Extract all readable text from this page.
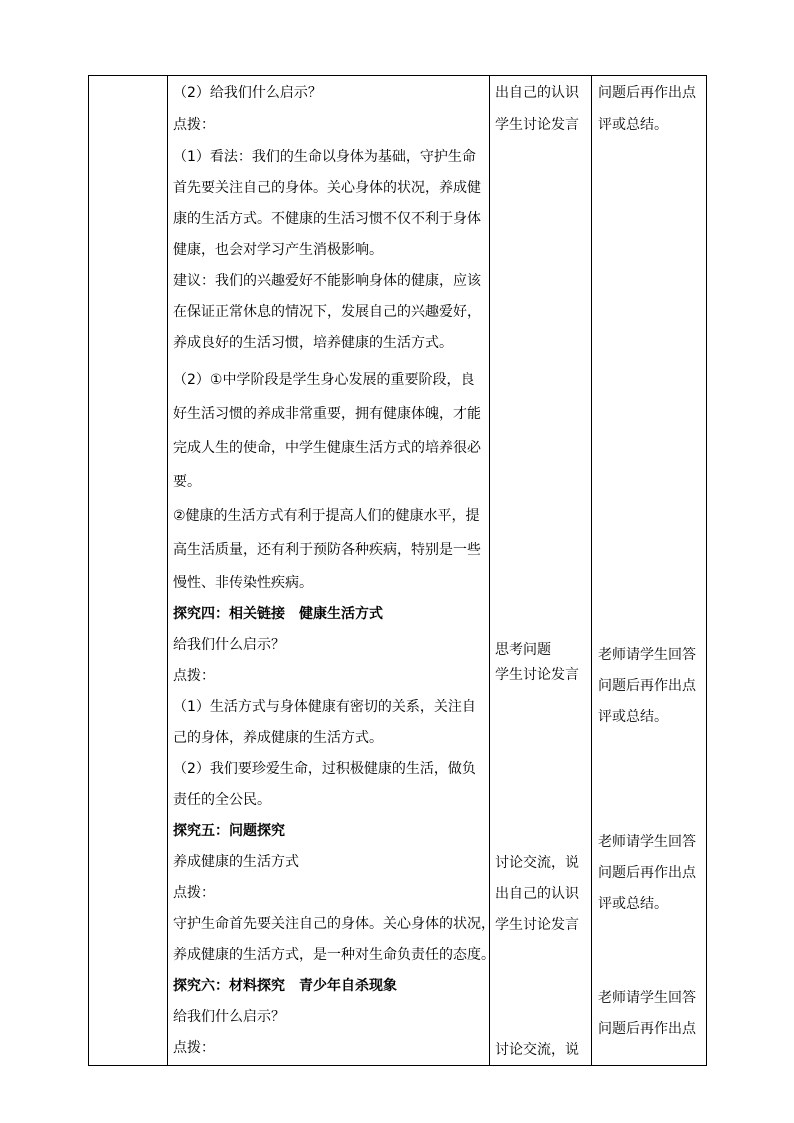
（2）给我们什么启示？
点拨：
（1）看法：我们的生命以身体为基础，守护生命
首先要关注自己的身体。关心身体的状况，养成健
康的生活方式。不健康的生活习惯不仅不利于身体
健康，也会对学习产生消极影响。
建议：我们的兴趣爱好不能影响身体的健康，应该
在保证正常休息的情况下，发展自己的兴趣爱好，
养成良好的生活习惯，培养健康的生活方式。
（2）①中学阶段是学生身心发展的重要阶段，良
好生活习惯的养成非常重要，拥有健康体魄，才能
完成人生的使命，中学生健康生活方式的培养很必
要。
②健康的生活方式有利于提高人们的健康水平，提
高生活质量，还有利于预防各种疾病，特别是一些
慢性、非传染性疾病。
探究四：相关链接　健康生活方式
给我们什么启示？
点拨：
（1）生活方式与身体健康有密切的关系，关注自
己的身体，养成健康的生活方式。
（2）我们要珍爱生命，过积极健康的生活，做负
责任的全公民。
探究五：问题探究
养成健康的生活方式
点拨：
守护生命首先要关注自己的身体。关心身体的状况，
养成健康的生活方式，是一种对生命负责任的态度。
探究六：材料探究　青少年自杀现象
给我们什么启示？
点拨：
出自己的认识
学生讨论发言
思考问题
学生讨论发言
讨论交流，说
出自己的认识
学生讨论发言
讨论交流，说
问题后再作出点
评或总结。
老师请学生回答
问题后再作出点
评或总结。
老师请学生回答
问题后再作出点
评或总结。
老师请学生回答
问题后再作出点
